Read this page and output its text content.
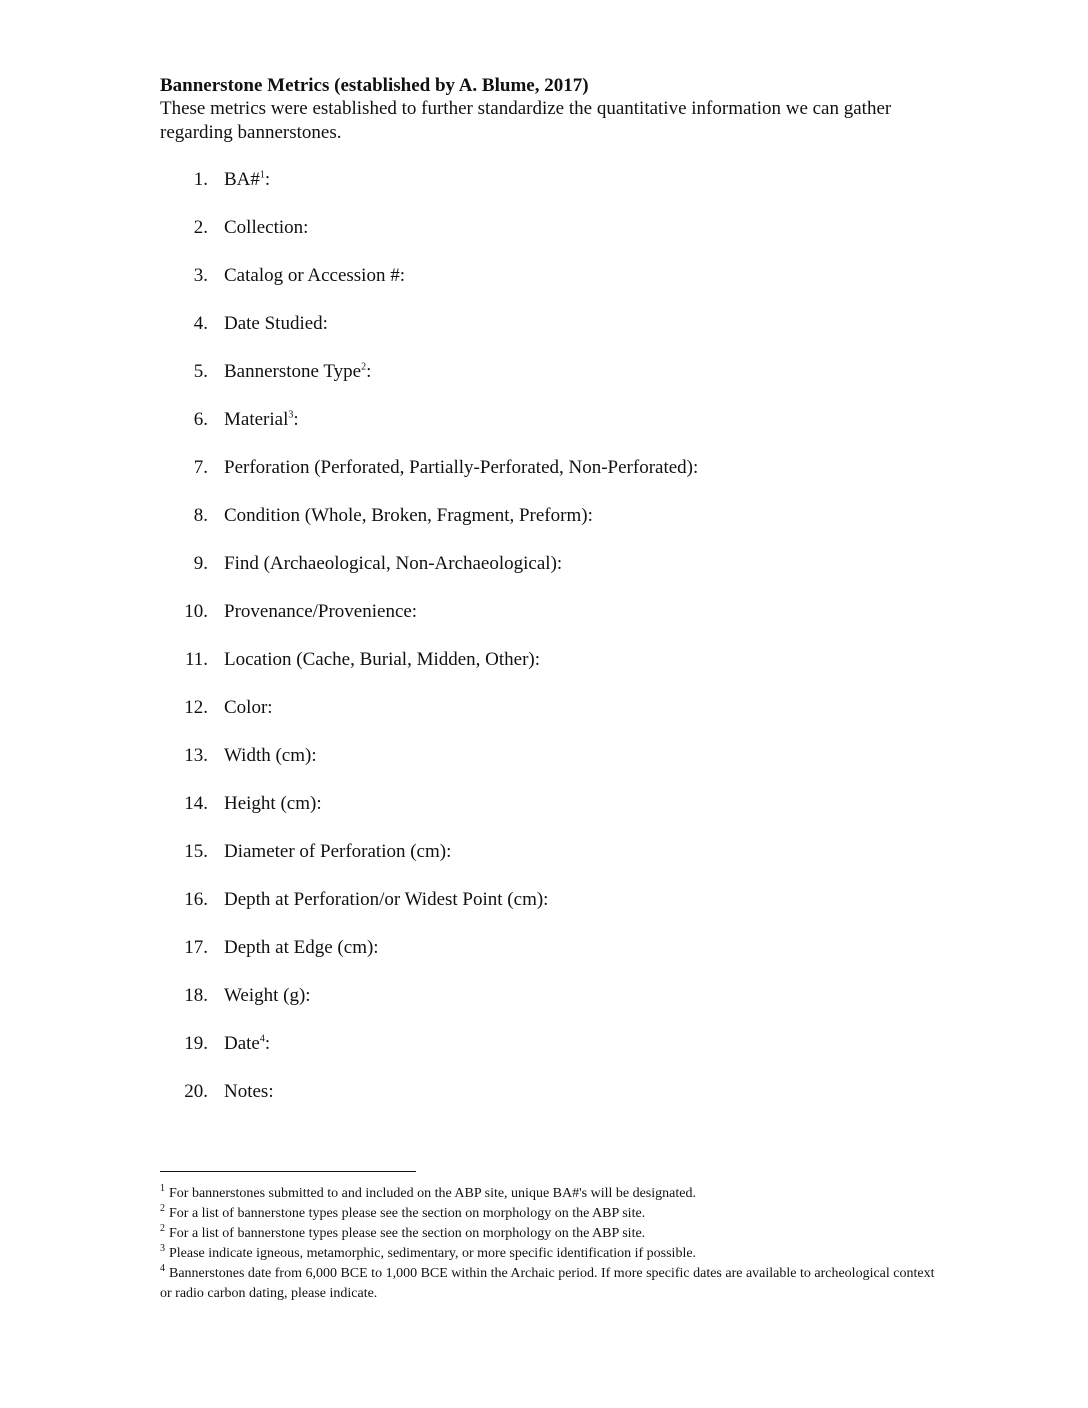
Bannerstone Metrics (established by A. Blume, 2017)
These metrics were established to further standardize the quantitative information we can gather regarding bannerstones.
1. BA#$^1$:
2. Collection:
3. Catalog or Accession #:
4. Date Studied:
5. Bannerstone Type$^2$:
6. Material$^3$:
7. Perforation (Perforated, Partially-Perforated, Non-Perforated):
8. Condition (Whole, Broken, Fragment, Preform):
9. Find (Archaeological, Non-Archaeological):
10. Provenance/Provenience:
11. Location (Cache, Burial, Midden, Other):
12. Color:
13. Width (cm):
14. Height (cm):
15. Diameter of Perforation (cm):
16. Depth at Perforation/or Widest Point (cm):
17. Depth at Edge (cm):
18. Weight (g):
19. Date$^4$:
20. Notes:
$^1$ For bannerstones submitted to and included on the ABP site, unique BA#'s will be designated.
$^2$ For a list of bannerstone types please see the section on morphology on the ABP site.
$^2$ For a list of bannerstone types please see the section on morphology on the ABP site.
$^3$ Please indicate igneous, metamorphic, sedimentary, or more specific identification if possible.
$^4$ Bannerstones date from 6,000 BCE to 1,000 BCE within the Archaic period. If more specific dates are available to archeological context or radio carbon dating, please indicate.
